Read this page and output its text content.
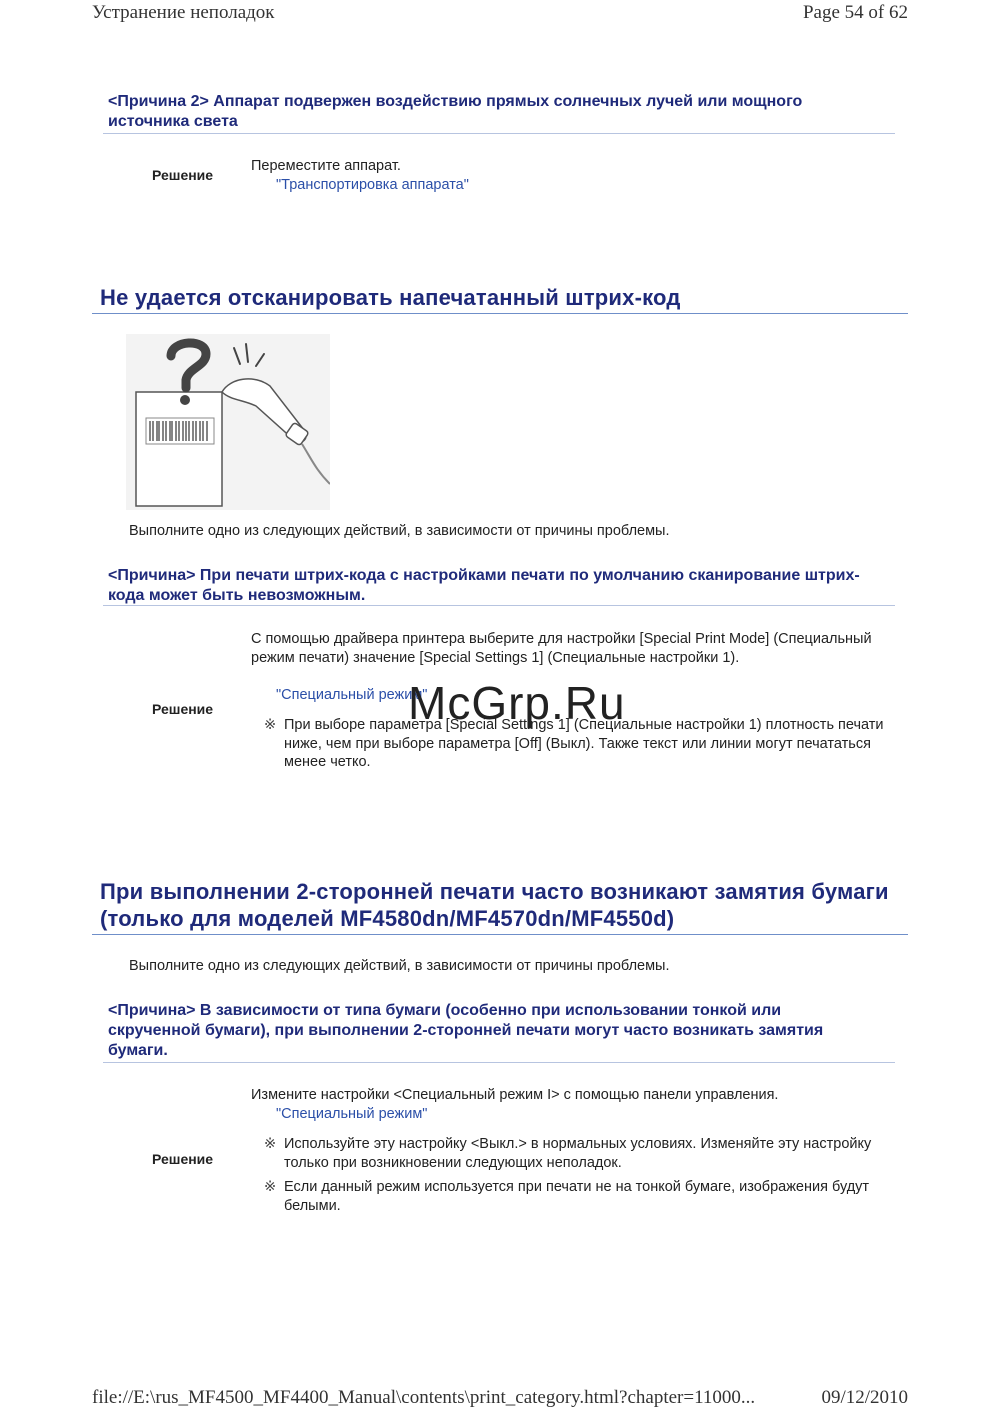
Устранение неполадок	Page 54 of 62
<Причина 2> Аппарат подвержен воздействию прямых солнечных лучей или мощного источника света
Решение
Переместите аппарат.
"Транспортировка аппарата"
Не удается отсканировать напечатанный штрих-код
Выполните одно из следующих действий, в зависимости от причины проблемы.
<Причина> При печати штрих-кода с настройками печати по умолчанию сканирование штрих-кода может быть невозможным.
Решение
С помощью драйвера принтера выберите для настройки [Special Print Mode] (Специальный режим печати) значение [Special Settings 1] (Специальные настройки 1).
"Специальный режим"
※ При выборе параметра [Special Settings 1] (Специальные настройки 1) плотность печати ниже, чем при выборе параметра [Off] (Выкл). Также текст или линии могут печататься менее четко.
McGrp.Ru
При выполнении 2-сторонней печати часто возникают замятия бумаги (только для моделей MF4580dn/MF4570dn/MF4550d)
Выполните одно из следующих действий, в зависимости от причины проблемы.
<Причина> В зависимости от типа бумаги (особенно при использовании тонкой или скрученной бумаги), при выполнении 2-сторонней печати могут часто возникать замятия бумаги.
Решение
Измените настройки <Специальный режим I> с помощью панели управления.
"Специальный режим"
※ Используйте эту настройку <Выкл.> в нормальных условиях. Изменяйте эту настройку только при возникновении следующих неполадок.
※ Если данный режим используется при печати не на тонкой бумаге, изображения будут белыми.
file://E:\rus_MF4500_MF4400_Manual\contents\print_category.html?chapter=11000...	09/12/2010
